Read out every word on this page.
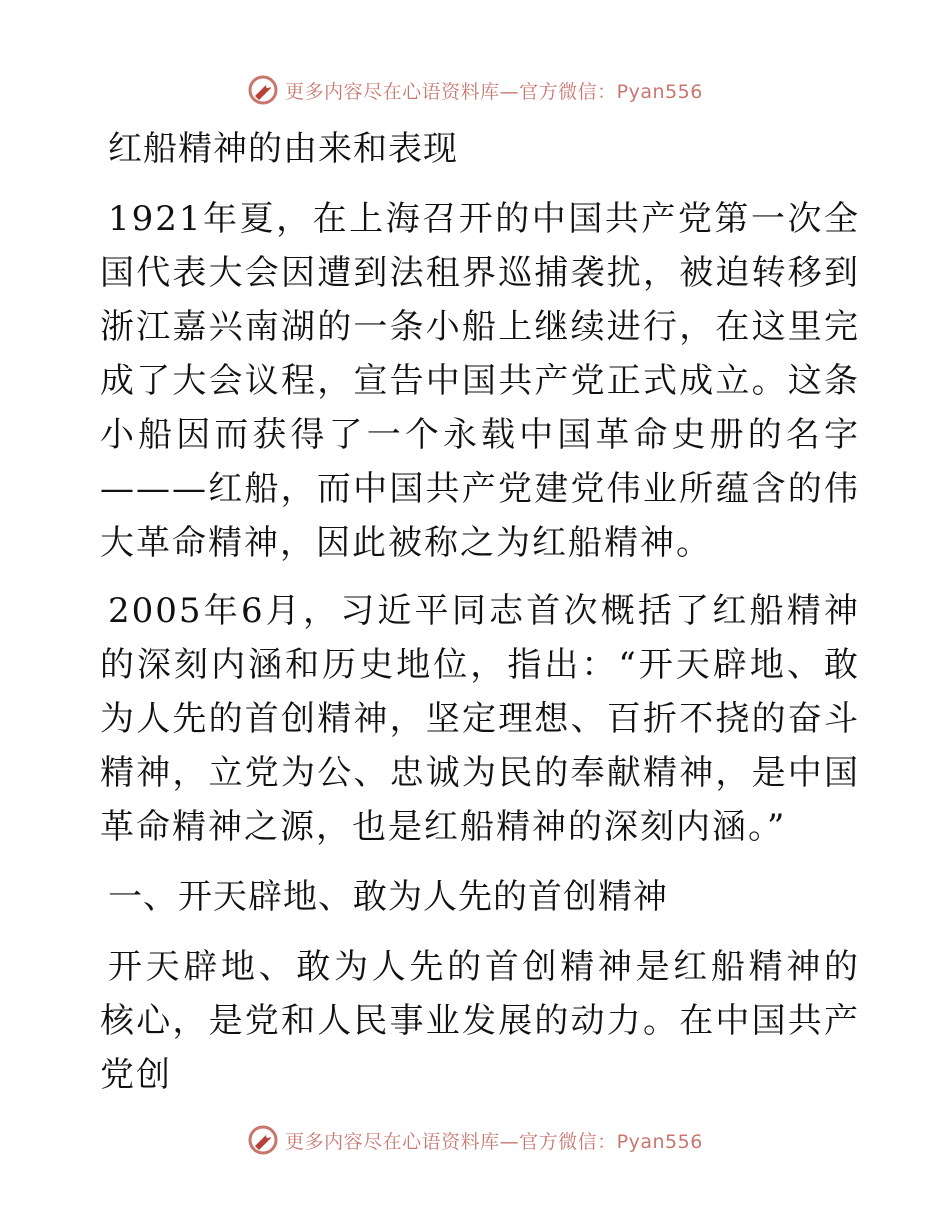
更多内容尽在心语资料库—官方微信：Pyan556
红船精神的由来和表现

1921年夏，在上海召开的中国共产党第一次全国代表大会因遭到法租界巡捕袭扰，被迫转移到浙江嘉兴南湖的一条小船上继续进行，在这里完成了大会议程，宣告中国共产党正式成立。这条小船因而获得了一个永载中国革命史册的名字———红船，而中国共产党建党伟业所蕴含的伟大革命精神，因此被称之为红船精神。

2005年6月，习近平同志首次概括了红船精神的深刻内涵和历史地位，指出：“开天辟地、敢为人先的首创精神，坚定理想、百折不挠的奋斗精神，立党为公、忠诚为民的奉献精神，是中国革命精神之源，也是红船精神的深刻内涵。”

一、开天辟地、敢为人先的首创精神

开天辟地、敢为人先的首创精神是红船精神的核心，是党和人民事业发展的动力。在中国共产党创

更多内容尽在心语资料库—官方微信：Pyan556
